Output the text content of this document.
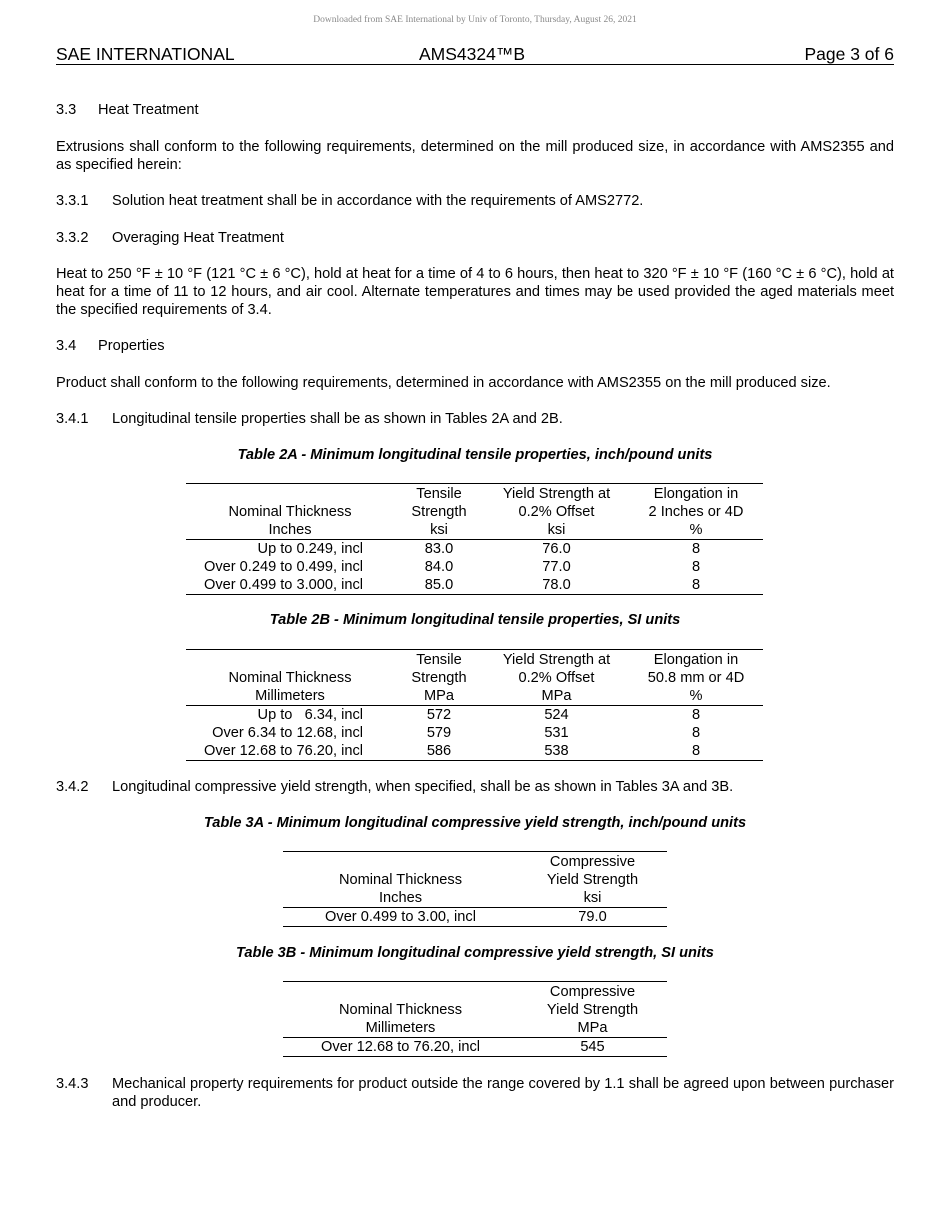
Downloaded from SAE International by Univ of Toronto, Thursday, August 26, 2021
SAE INTERNATIONAL	AMS4324™B	Page 3 of 6
3.3 Heat Treatment
Extrusions shall conform to the following requirements, determined on the mill produced size, in accordance with AMS2355 and as specified herein:
3.3.1 Solution heat treatment shall be in accordance with the requirements of AMS2772.
3.3.2 Overaging Heat Treatment
Heat to 250 °F ± 10 °F (121 °C ± 6 °C), hold at heat for a time of 4 to 6 hours, then heat to 320 °F ± 10 °F (160 °C ± 6 °C), hold at heat for a time of 11 to 12 hours, and air cool. Alternate temperatures and times may be used provided the aged materials meet the specified requirements of 3.4.
3.4 Properties
Product shall conform to the following requirements, determined in accordance with AMS2355 on the mill produced size.
3.4.1 Longitudinal tensile properties shall be as shown in Tables 2A and 2B.
Table 2A - Minimum longitudinal tensile properties, inch/pound units
	Tensile	Yield Strength at	Elongation in
Nominal Thickness	Strength	0.2% Offset	2 Inches or 4D
Inches	ksi	ksi	%
Up to 0.249, incl	83.0	76.0	8
Over 0.249 to 0.499, incl	84.0	77.0	8
Over 0.499 to 3.000, incl	85.0	78.0	8
Table 2B - Minimum longitudinal tensile properties, SI units
	Tensile	Yield Strength at	Elongation in
Nominal Thickness	Strength	0.2% Offset	50.8 mm or 4D
Millimeters	MPa	MPa	%
Up to   6.34, incl	572	524	8
Over 6.34 to 12.68, incl	579	531	8
Over 12.68 to 76.20, incl	586	538	8
3.4.2 Longitudinal compressive yield strength, when specified, shall be as shown in Tables 3A and 3B.
Table 3A - Minimum longitudinal compressive yield strength, inch/pound units
	Compressive
Nominal Thickness	Yield Strength
Inches	ksi
Over 0.499 to 3.00, incl	79.0
Table 3B - Minimum longitudinal compressive yield strength, SI units
	Compressive
Nominal Thickness	Yield Strength
Millimeters	MPa
Over 12.68 to 76.20, incl	545
3.4.3	Mechanical property requirements for product outside the range covered by 1.1 shall be agreed upon between purchaser and producer.
